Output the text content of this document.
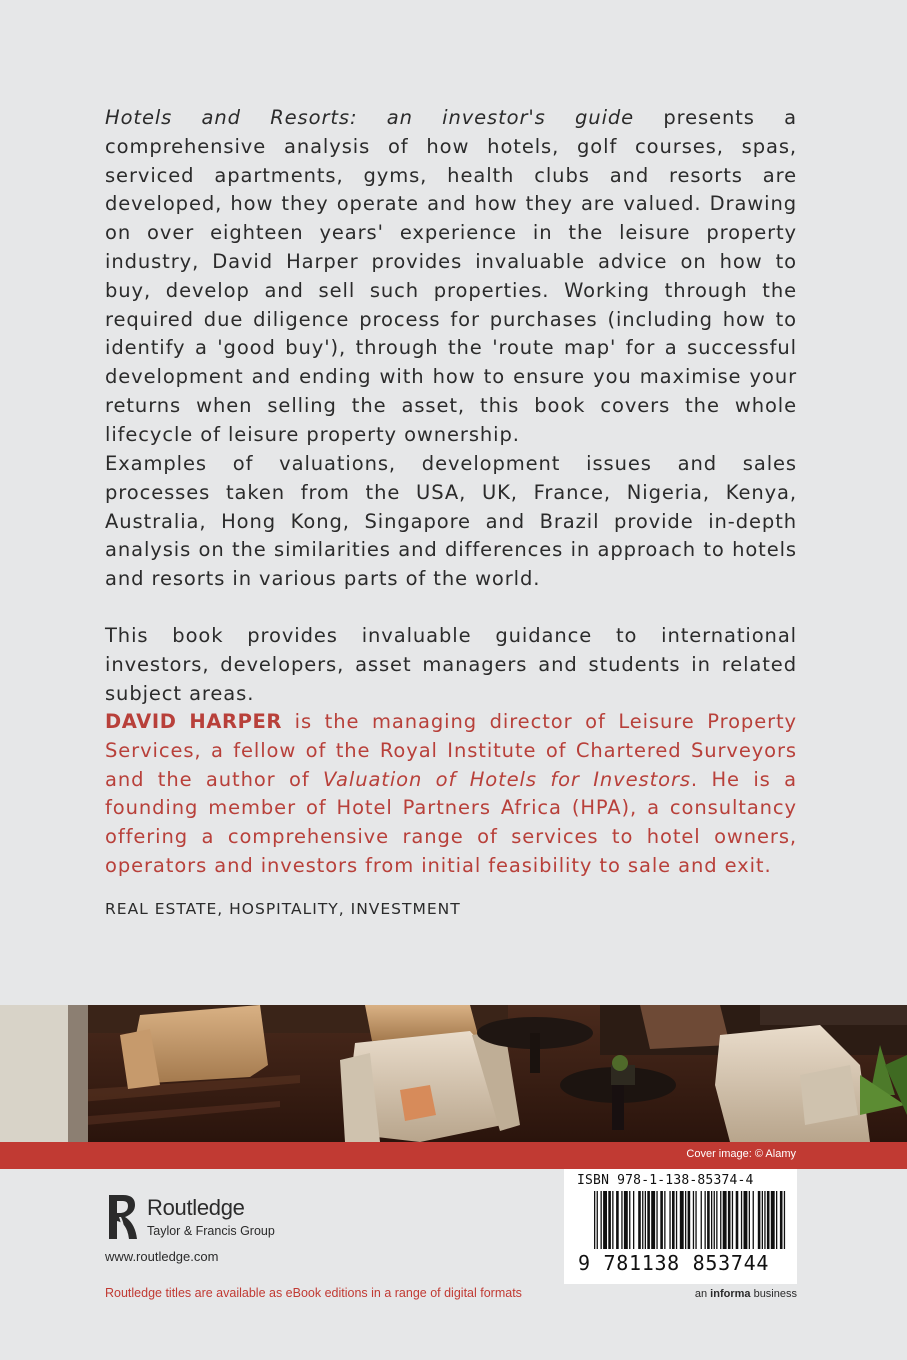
Hotels and Resorts: an investor's guide presents a comprehensive analysis of how hotels, golf courses, spas, serviced apartments, gyms, health clubs and resorts are developed, how they operate and how they are valued. Drawing on over eighteen years' experience in the leisure property industry, David Harper provides invaluable advice on how to buy, develop and sell such properties. Working through the required due diligence process for purchases (including how to identify a 'good buy'), through the 'route map' for a successful development and ending with how to ensure you maximise your returns when selling the asset, this book covers the whole lifecycle of leisure property ownership.

Examples of valuations, development issues and sales processes taken from the USA, UK, France, Nigeria, Kenya, Australia, Hong Kong, Singapore and Brazil provide in-depth analysis on the similarities and differences in approach to hotels and resorts in various parts of the world.

This book provides invaluable guidance to international investors, developers, asset managers and students in related subject areas.

DAVID HARPER is the managing director of Leisure Property Services, a fellow of the Royal Institute of Chartered Surveyors and the author of Valuation of Hotels for Investors. He is a founding member of Hotel Partners Africa (HPA), a consultancy offering a comprehensive range of services to hotel owners, operators and investors from initial feasibility to sale and exit.

REAL ESTATE, HOSPITALITY, INVESTMENT
Cover image: © Alamy
Routledge
Taylor & Francis Group
www.routledge.com
Routledge titles are available as eBook editions in a range of digital formats
ISBN 978-1-138-85374-4
9 781138 853744
an informa business
